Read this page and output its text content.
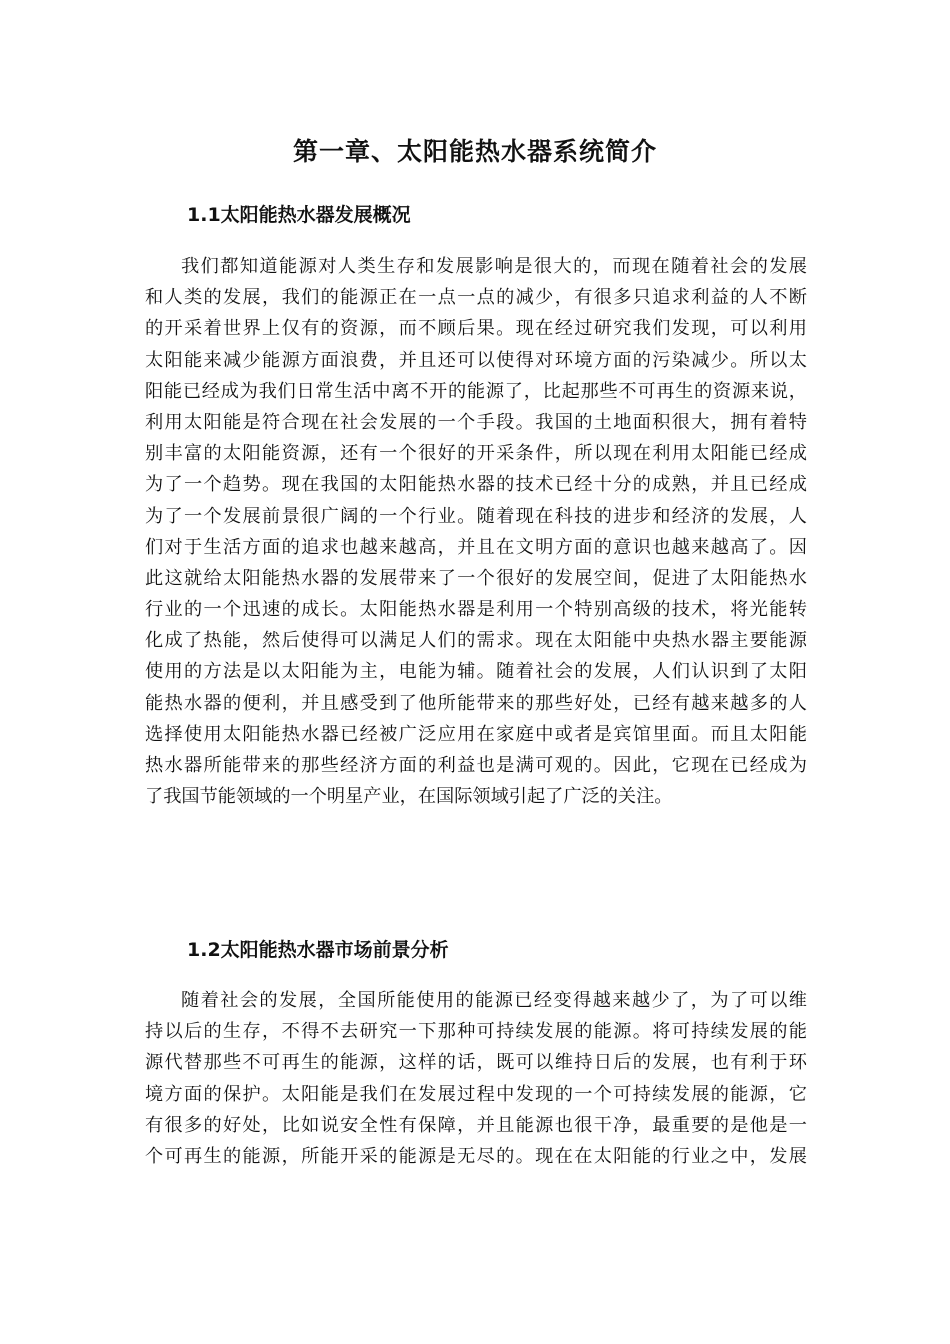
第一章、太阳能热水器系统简介
1.1太阳能热水器发展概况
我们都知道能源对人类生存和发展影响是很大的，而现在随着社会的发展
和人类的发展，我们的能源正在一点一点的减少，有很多只追求利益的人不断
的开采着世界上仅有的资源，而不顾后果。现在经过研究我们发现，可以利用
太阳能来减少能源方面浪费，并且还可以使得对环境方面的污染减少。所以太
阳能已经成为我们日常生活中离不开的能源了，比起那些不可再生的资源来说，
利用太阳能是符合现在社会发展的一个手段。我国的土地面积很大，拥有着特
别丰富的太阳能资源，还有一个很好的开采条件，所以现在利用太阳能已经成
为了一个趋势。现在我国的太阳能热水器的技术已经十分的成熟，并且已经成
为了一个发展前景很广阔的一个行业。随着现在科技的进步和经济的发展，人
们对于生活方面的追求也越来越高，并且在文明方面的意识也越来越高了。因
此这就给太阳能热水器的发展带来了一个很好的发展空间，促进了太阳能热水
行业的一个迅速的成长。太阳能热水器是利用一个特别高级的技术，将光能转
化成了热能，然后使得可以满足人们的需求。现在太阳能中央热水器主要能源
使用的方法是以太阳能为主，电能为辅。随着社会的发展，人们认识到了太阳
能热水器的便利，并且感受到了他所能带来的那些好处，已经有越来越多的人
选择使用太阳能热水器已经被广泛应用在家庭中或者是宾馆里面。而且太阳能
热水器所能带来的那些经济方面的利益也是满可观的。因此，它现在已经成为
了我国节能领域的一个明星产业，在国际领域引起了广泛的关注。
1.2太阳能热水器市场前景分析
随着社会的发展，全国所能使用的能源已经变得越来越少了，为了可以维
持以后的生存，不得不去研究一下那种可持续发展的能源。将可持续发展的能
源代替那些不可再生的能源，这样的话，既可以维持日后的发展，也有利于环
境方面的保护。太阳能是我们在发展过程中发现的一个可持续发展的能源，它
有很多的好处，比如说安全性有保障，并且能源也很干净，最重要的是他是一
个可再生的能源，所能开采的能源是无尽的。现在在太阳能的行业之中，发展
